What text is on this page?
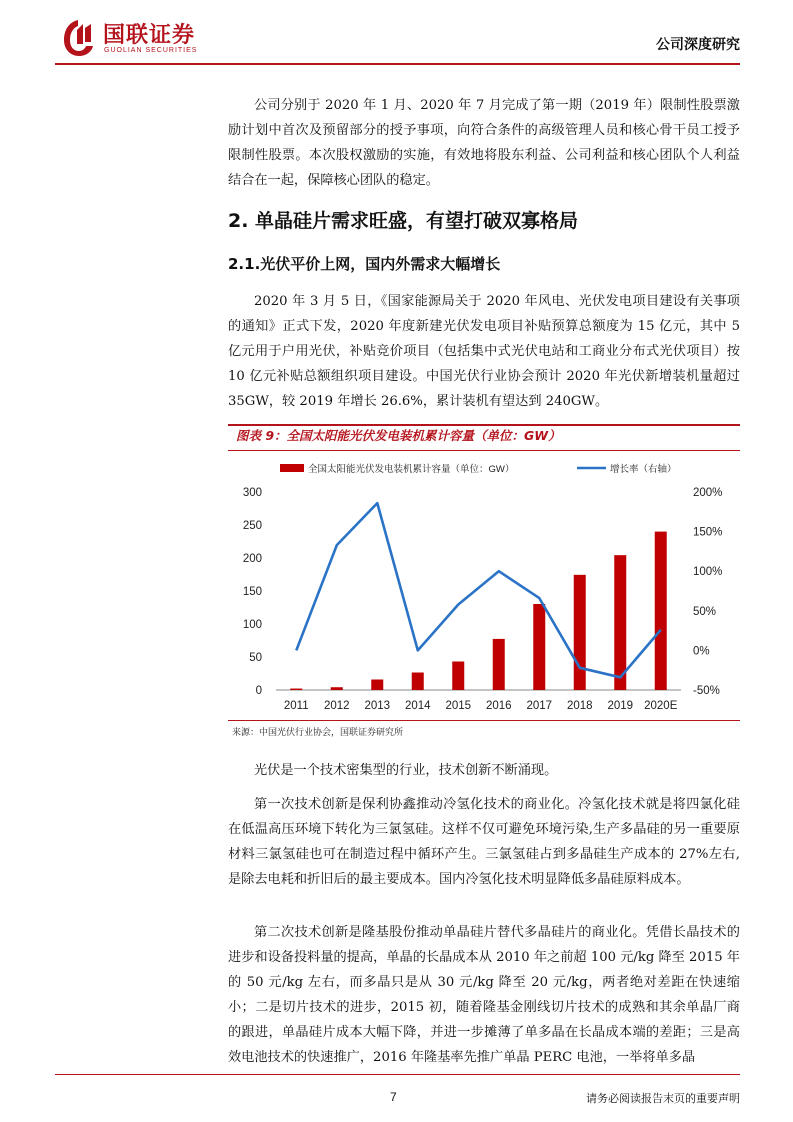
国联证券
GUOLIAN SECURITIES	公司深度研究

公司分别于 2020 年 1 月、2020 年 7 月完成了第一期（2019 年）限制性股票激励计划中首次及预留部分的授予事项，向符合条件的高级管理人员和核心骨干员工授予限制性股票。本次股权激励的实施，有效地将股东利益、公司利益和核心团队个人利益结合在一起，保障核心团队的稳定。

2. 单晶硅片需求旺盛，有望打破双寡格局
2.1.光伏平价上网，国内外需求大幅增长

2020 年 3 月 5 日，《国家能源局关于 2020 年风电、光伏发电项目建设有关事项的通知》正式下发，2020 年度新建光伏发电项目补贴预算总额度为 15 亿元，其中 5 亿元用于户用光伏，补贴竞价项目（包括集中式光伏电站和工商业分布式光伏项目）按 10 亿元补贴总额组织项目建设。中国光伏行业协会预计 2020 年光伏新增装机量超过 35GW，较 2019 年增长 26.6%，累计装机有望达到 240GW。

图表 9：全国太阳能光伏发电装机累计容量（单位：GW）
全国太阳能光伏发电装机累计容量（单位：GW）	增长率（右轴）
0
50
100
150
200
250
300
-50%
0%
50%
100%
150%
200%
2011 2012 2013 2014 2015 2016 2017 2018 2019 2020E
来源：中国光伏行业协会，国联证券研究所

光伏是一个技术密集型的行业，技术创新不断涌现。

第一次技术创新是保利协鑫推动冷氢化技术的商业化。冷氢化技术就是将四氯化硅在低温高压环境下转化为三氯氢硅。这样不仅可避免环境污染,生产多晶硅的另一重要原材料三氯氢硅也可在制造过程中循环产生。三氯氢硅占到多晶硅生产成本的 27%左右,是除去电耗和折旧后的最主要成本。国内冷氢化技术明显降低多晶硅原料成本。

第二次技术创新是隆基股份推动单晶硅片替代多晶硅片的商业化。凭借长晶技术的进步和设备投料量的提高，单晶的长晶成本从 2010 年之前超 100 元/kg 降至 2015 年的 50 元/kg 左右，而多晶只是从 30 元/kg 降至 20 元/kg，两者绝对差距在快速缩小；二是切片技术的进步，2015 初，随着隆基金刚线切片技术的成熟和其余单晶厂商的跟进，单晶硅片成本大幅下降，并进一步摊薄了单多晶在长晶成本端的差距；三是高效电池技术的快速推广，2016 年隆基率先推广单晶 PERC 电池，一举将单多晶

7	请务必阅读报告末页的重要声明
